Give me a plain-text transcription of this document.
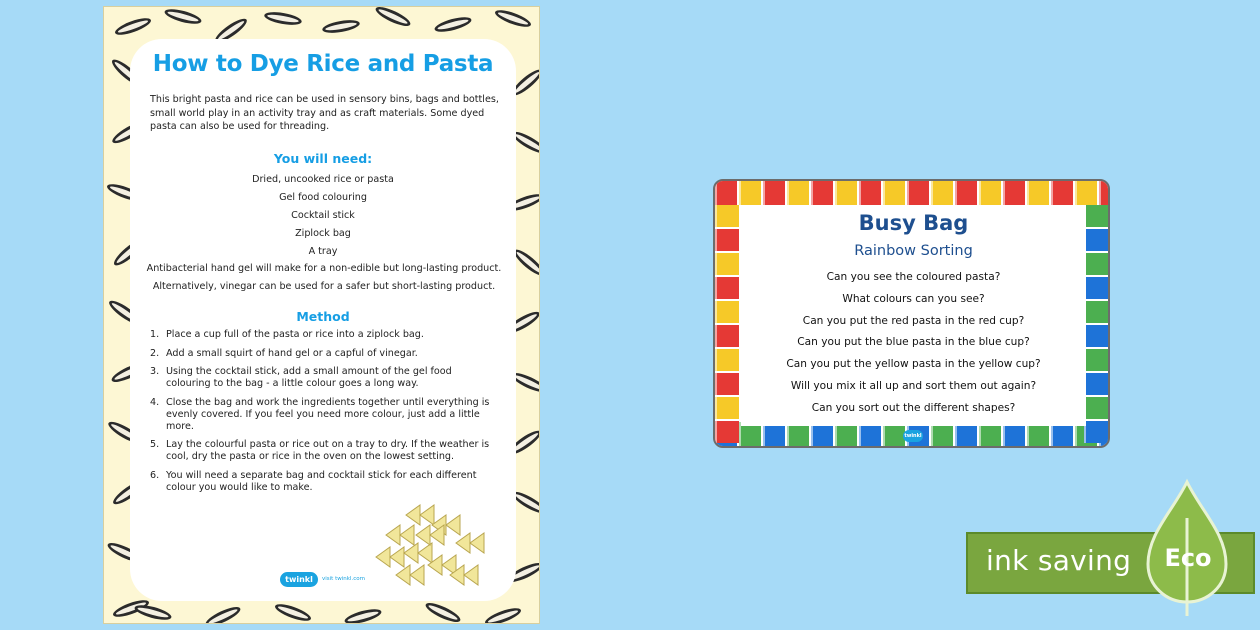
How to Dye Rice and Pasta

This bright pasta and rice can be used in sensory bins, bags and bottles, small world play in an activity tray and as craft materials. Some dyed pasta can also be used for threading.

You will need:
Dried, uncooked rice or pasta
Gel food colouring
Cocktail stick
Ziplock bag
A tray

Antibacterial hand gel will make for a non-edible but long-lasting product.

Alternatively, vinegar can be used for a safer but short-lasting product.

Method
1. Place a cup full of the pasta or rice into a ziplock bag.
2. Add a small squirt of hand gel or a capful of vinegar.
3. Using the cocktail stick, add a small amount of the gel food colouring to the bag - a little colour goes a long way.
4. Close the bag and work the ingredients together until everything is evenly covered. If you feel you need more colour, just add a little more.
5. Lay the colourful pasta or rice out on a tray to dry. If the weather is cool, dry the pasta or rice in the oven on the lowest setting.
6. You will need a separate bag and cocktail stick for each different colour you would like to make.
twinkl	visit twinkl.com
Busy Bag
Rainbow Sorting
Can you see the coloured pasta?
What colours can you see?
Can you put the red pasta in the red cup?
Can you put the blue pasta in the blue cup?
Can you put the yellow pasta in the yellow cup?
Will you mix it all up and sort them out again?
Can you sort out the different shapes?
twinkl
ink saving Eco
